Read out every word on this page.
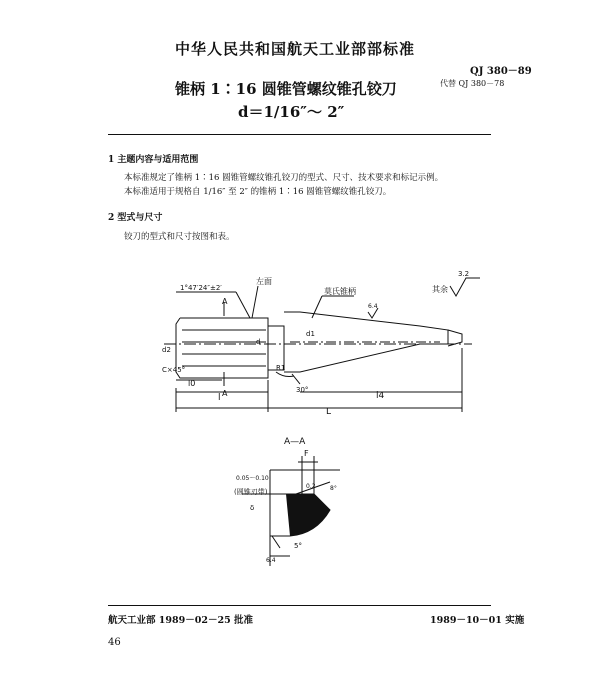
中华人民共和国航天工业部部标准
QJ 380－89
代替 QJ 380－78
锥柄 1∶16 圆锥管螺纹锥孔铰刀
d＝1/16″～ 2″
1 主题内容与适用范围
本标准规定了锥柄 1∶16 圆锥管螺纹锥孔铰刀的型式、尺寸、技术要求和标记示例。
本标准适用于规格自 1/16″ 至 2″ 的锥柄 1∶16 圆锥管螺纹锥孔铰刀。
2 型式与尺寸
铰刀的型式和尺寸按图和表。
1°47′24″±2′
左面
莫氏锥柄	其余
3.2
6.4
A
A
C×45°
d2
d
d1
R1
30°
l0
l	l4
L
A—A
0.05～0.10
(圆锥刃带)
F
0.2 8°
δ
5°
6.4
航天工业部 1989－02－25 批准	1989－10－01 实施
46
